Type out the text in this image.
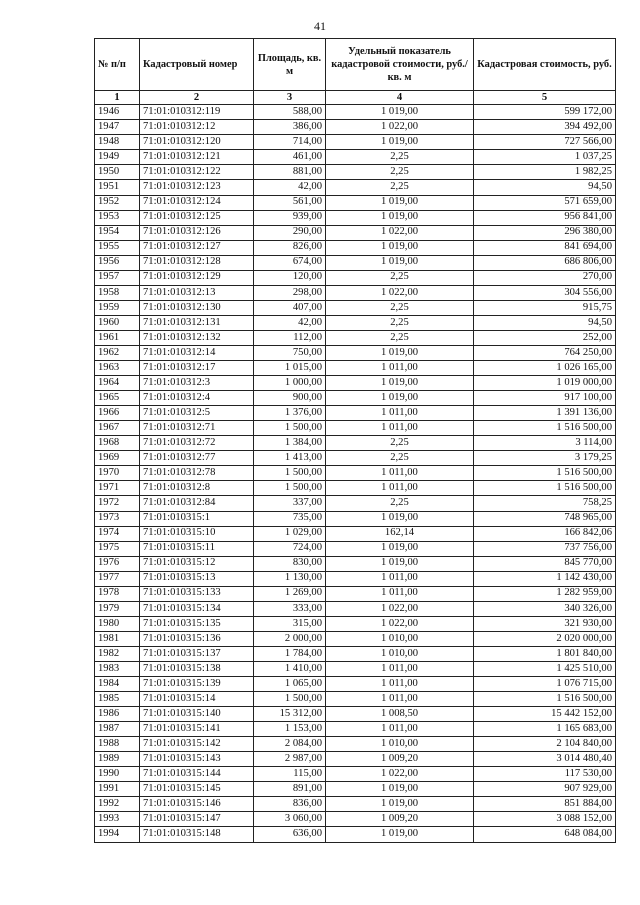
41
№ п/п	Кадастровый номер	Площадь, кв. м	Удельный показатель кадастровой стоимости, руб./кв. м	Кадастровая стоимость, руб.
1	2	3	4	5
1946	71:01:010312:119	588,00	1 019,00	599 172,00
1947	71:01:010312:12	386,00	1 022,00	394 492,00
1948	71:01:010312:120	714,00	1 019,00	727 566,00
1949	71:01:010312:121	461,00	2,25	1 037,25
1950	71:01:010312:122	881,00	2,25	1 982,25
1951	71:01:010312:123	42,00	2,25	94,50
1952	71:01:010312:124	561,00	1 019,00	571 659,00
1953	71:01:010312:125	939,00	1 019,00	956 841,00
1954	71:01:010312:126	290,00	1 022,00	296 380,00
1955	71:01:010312:127	826,00	1 019,00	841 694,00
1956	71:01:010312:128	674,00	1 019,00	686 806,00
1957	71:01:010312:129	120,00	2,25	270,00
1958	71:01:010312:13	298,00	1 022,00	304 556,00
1959	71:01:010312:130	407,00	2,25	915,75
1960	71:01:010312:131	42,00	2,25	94,50
1961	71:01:010312:132	112,00	2,25	252,00
1962	71:01:010312:14	750,00	1 019,00	764 250,00
1963	71:01:010312:17	1 015,00	1 011,00	1 026 165,00
1964	71:01:010312:3	1 000,00	1 019,00	1 019 000,00
1965	71:01:010312:4	900,00	1 019,00	917 100,00
1966	71:01:010312:5	1 376,00	1 011,00	1 391 136,00
1967	71:01:010312:71	1 500,00	1 011,00	1 516 500,00
1968	71:01:010312:72	1 384,00	2,25	3 114,00
1969	71:01:010312:77	1 413,00	2,25	3 179,25
1970	71:01:010312:78	1 500,00	1 011,00	1 516 500,00
1971	71:01:010312:8	1 500,00	1 011,00	1 516 500,00
1972	71:01:010312:84	337,00	2,25	758,25
1973	71:01:010315:1	735,00	1 019,00	748 965,00
1974	71:01:010315:10	1 029,00	162,14	166 842,06
1975	71:01:010315:11	724,00	1 019,00	737 756,00
1976	71:01:010315:12	830,00	1 019,00	845 770,00
1977	71:01:010315:13	1 130,00	1 011,00	1 142 430,00
1978	71:01:010315:133	1 269,00	1 011,00	1 282 959,00
1979	71:01:010315:134	333,00	1 022,00	340 326,00
1980	71:01:010315:135	315,00	1 022,00	321 930,00
1981	71:01:010315:136	2 000,00	1 010,00	2 020 000,00
1982	71:01:010315:137	1 784,00	1 010,00	1 801 840,00
1983	71:01:010315:138	1 410,00	1 011,00	1 425 510,00
1984	71:01:010315:139	1 065,00	1 011,00	1 076 715,00
1985	71:01:010315:14	1 500,00	1 011,00	1 516 500,00
1986	71:01:010315:140	15 312,00	1 008,50	15 442 152,00
1987	71:01:010315:141	1 153,00	1 011,00	1 165 683,00
1988	71:01:010315:142	2 084,00	1 010,00	2 104 840,00
1989	71:01:010315:143	2 987,00	1 009,20	3 014 480,40
1990	71:01:010315:144	115,00	1 022,00	117 530,00
1991	71:01:010315:145	891,00	1 019,00	907 929,00
1992	71:01:010315:146	836,00	1 019,00	851 884,00
1993	71:01:010315:147	3 060,00	1 009,20	3 088 152,00
1994	71:01:010315:148	636,00	1 019,00	648 084,00
